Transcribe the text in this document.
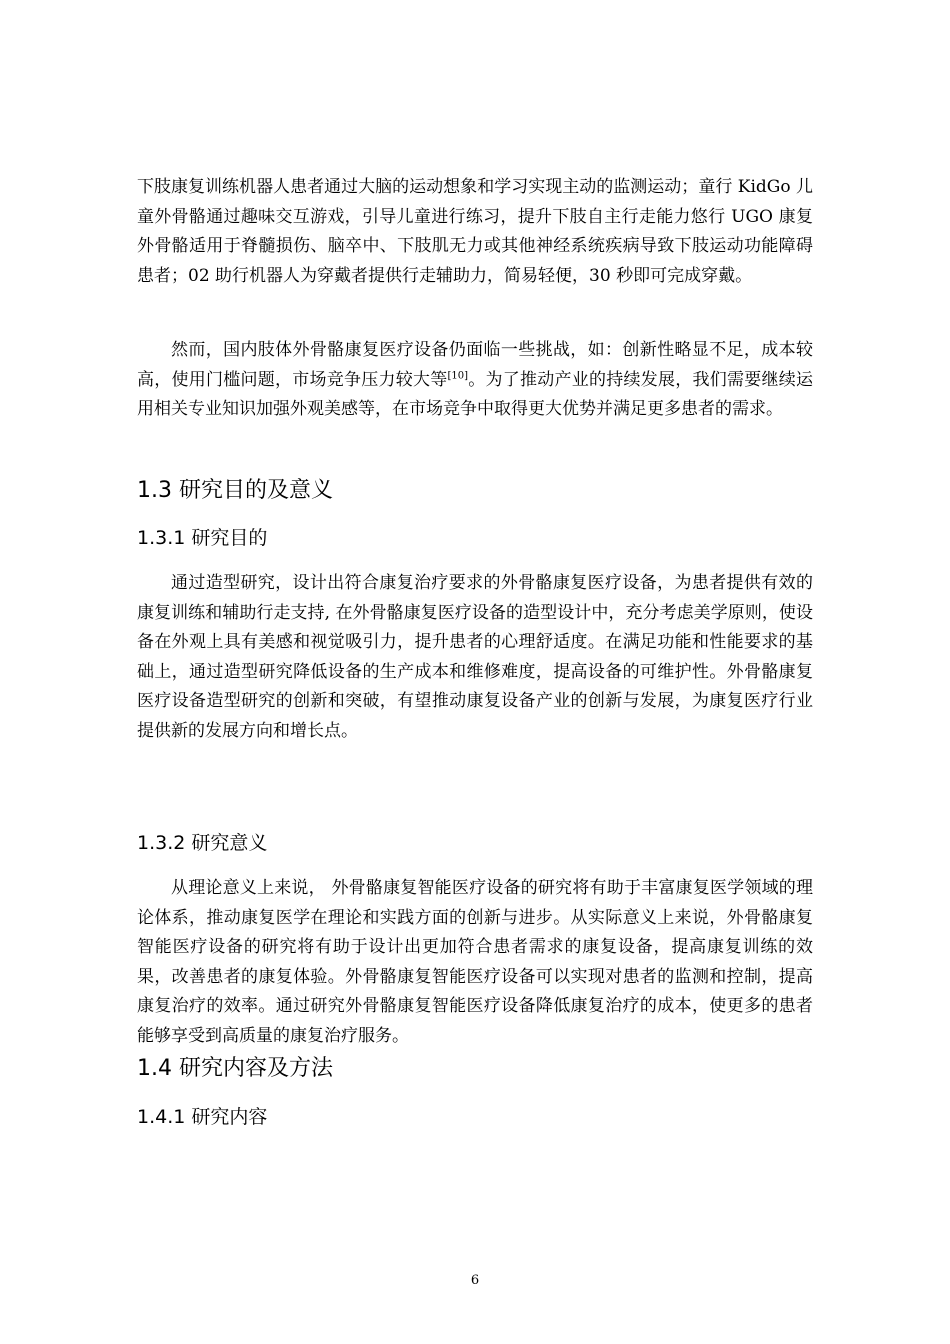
下肢康复训练机器人患者通过大脑的运动想象和学习实现主动的监测运动；童行 KidGo 儿童外骨骼通过趣味交互游戏，引导儿童进行练习，提升下肢自主行走能力悠行 UGO 康复外骨骼适用于脊髓损伤、脑卒中、下肢肌无力或其他神经系统疾病导致下肢运动功能障碍患者；02 助行机器人为穿戴者提供行走辅助力，简易轻便，30 秒即可完成穿戴。

然而，国内肢体外骨骼康复医疗设备仍面临一些挑战，如：创新性略显不足，成本较高，使用门槛问题，市场竞争压力较大等[10]。为了推动产业的持续发展，我们需要继续运用相关专业知识加强外观美感等，在市场竞争中取得更大优势并满足更多患者的需求。

1.3 研究目的及意义
1.3.1 研究目的

通过造型研究，设计出符合康复治疗要求的外骨骼康复医疗设备，为患者提供有效的康复训练和辅助行走支持, 在外骨骼康复医疗设备的造型设计中，充分考虑美学原则，使设备在外观上具有美感和视觉吸引力，提升患者的心理舒适度。在满足功能和性能要求的基础上，通过造型研究降低设备的生产成本和维修难度，提高设备的可维护性。外骨骼康复医疗设备造型研究的创新和突破，有望推动康复设备产业的创新与发展，为康复医疗行业提供新的发展方向和增长点。

1.3.2 研究意义

从理论意义上来说， 外骨骼康复智能医疗设备的研究将有助于丰富康复医学领域的理论体系，推动康复医学在理论和实践方面的创新与进步。从实际意义上来说，外骨骼康复智能医疗设备的研究将有助于设计出更加符合患者需求的康复设备，提高康复训练的效果，改善患者的康复体验。外骨骼康复智能医疗设备可以实现对患者的监测和控制，提高康复治疗的效率。通过研究外骨骼康复智能医疗设备降低康复治疗的成本，使更多的患者能够享受到高质量的康复治疗服务。

1.4 研究内容及方法
1.4.1 研究内容
6
